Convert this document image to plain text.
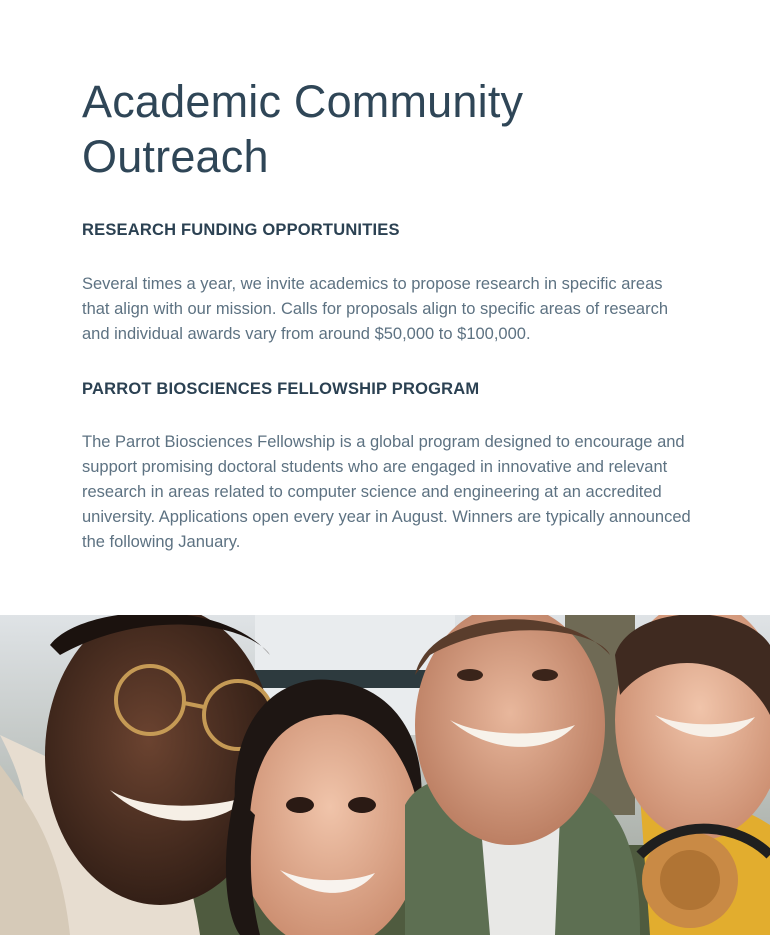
Academic Community Outreach
RESEARCH FUNDING OPPORTUNITIES

Several times a year, we invite academics to propose research in specific areas that align with our mission. Calls for proposals align to specific areas of research and individual awards vary from around $50,000 to $100,000.

PARROT BIOSCIENCES FELLOWSHIP PROGRAM

The Parrot Biosciences Fellowship is a global program designed to encourage and support promising doctoral students who are engaged in innovative and relevant research in areas related to computer science and engineering at an accredited university. Applications open every year in August. Winners are typically announced the following January.
